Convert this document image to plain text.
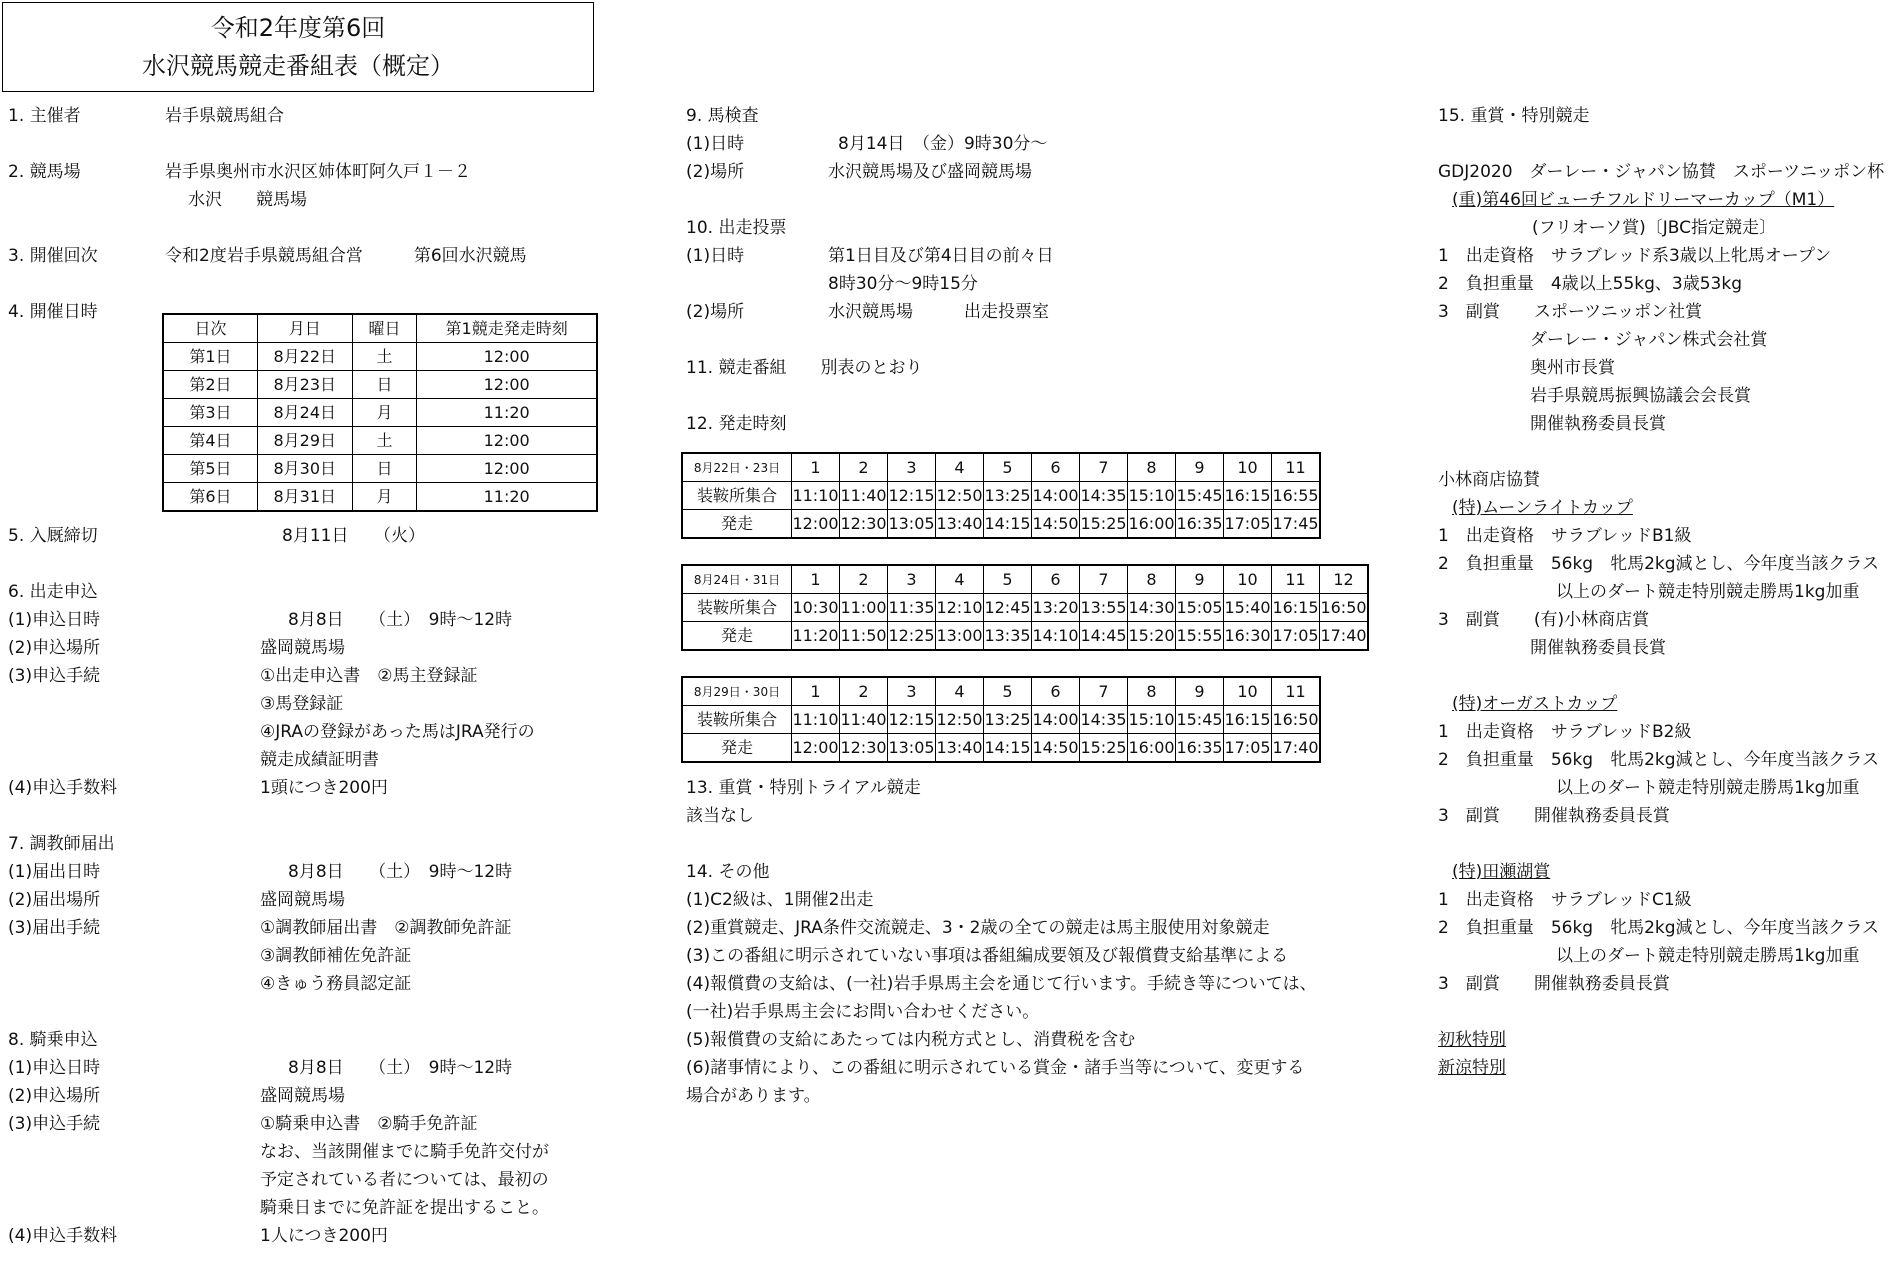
令和2年度第6回
水沢競馬競走番組表（概定）
1. 主催者	岩手県競馬組合
2. 競馬場	岩手県奥州市水沢区姉体町阿久戸１－２
水沢　　競馬場
3. 開催回次	令和2度岩手県競馬組合営　　　第6回水沢競馬
4. 開催日時
5. 入厩締切	8月11日　　（火）
6. 出走申込
(1)申込日時	8月8日　　（土）　9時～12時
(2)申込場所	盛岡競馬場
(3)申込手続	①出走申込書　②馬主登録証
③馬登録証
④JRAの登録があった馬はJRA発行の
競走成績証明書
(4)申込手数料	1頭につき200円
7. 調教師届出
(1)届出日時	8月8日　　（土）　9時～12時
(2)届出場所	盛岡競馬場
(3)届出手続	①調教師届出書　②調教師免許証
③調教師補佐免許証
④きゅう務員認定証
8. 騎乗申込
(1)申込日時	8月8日　　（土）　9時～12時
(2)申込場所	盛岡競馬場
(3)申込手続	①騎乗申込書　②騎手免許証
なお、当該開催までに騎手免許交付が
予定されている者については、最初の
騎乗日までに免許証を提出すること。
(4)申込手数料	1人につき200円
9. 馬検査
(1)日時	8月14日　（金）9時30分～
(2)場所	水沢競馬場及び盛岡競馬場
10. 出走投票
(1)日時	第1日目及び第4日目の前々日
8時30分～9時15分
(2)場所	水沢競馬場　　　出走投票室
11. 競走番組　　別表のとおり
12. 発走時刻
13. 重賞・特別トライアル競走
該当なし
14. その他
(1)C2級は、1開催2出走
(2)重賞競走、JRA条件交流競走、3・2歳の全ての競走は馬主服使用対象競走
(3)この番組に明示されていない事項は番組編成要領及び報償費支給基準による
(4)報償費の支給は、(一社)岩手県馬主会を通じて行います。手続き等については、
(一社)岩手県馬主会にお問い合わせください。
(5)報償費の支給にあたっては内税方式とし、消費税を含む
(6)諸事情により、この番組に明示されている賞金・諸手当等について、変更する
場合があります。
15. 重賞・特別競走
GDJ2020　ダーレー・ジャパン協賛　スポーツニッポン杯
(重)第46回ビューチフルドリーマーカップ（M1）
(フリオーソ賞)〔JBC指定競走〕
1　出走資格　サラブレッド系3歳以上牝馬オープン
2　負担重量　4歳以上55kg、3歳53kg
3　副賞　　スポーツニッポン社賞
ダーレー・ジャパン株式会社賞
奥州市長賞
岩手県競馬振興協議会会長賞
開催執務委員長賞
小林商店協賛
(特)ムーンライトカップ
1　出走資格　サラブレッドB1級
2　負担重量　56kg　牝馬2kg減とし、今年度当該クラス
以上のダート競走特別競走勝馬1kg加重
3　副賞　　(有)小林商店賞
開催執務委員長賞
(特)オーガストカップ
1　出走資格　サラブレッドB2級
2　負担重量　56kg　牝馬2kg減とし、今年度当該クラス
以上のダート競走特別競走勝馬1kg加重
3　副賞　　開催執務委員長賞
(特)田瀬湖賞
1　出走資格　サラブレッドC1級
2　負担重量　56kg　牝馬2kg減とし、今年度当該クラス
以上のダート競走特別競走勝馬1kg加重
3　副賞　　開催執務委員長賞
初秋特別
新涼特別
日次	月日	曜日	第1競走発走時刻
第1日	8月22日	土	12:00
第2日	8月23日	日	12:00
第3日	8月24日	月	11:20
第4日	8月29日	土	12:00
第5日	8月30日	日	12:00
第6日	8月31日	月	11:20
8月22日・23日	1	2	3	4	5	6	7	8	9	10	11
装鞍所集合	11:10	11:40	12:15	12:50	13:25	14:00	14:35	15:10	15:45	16:15	16:55
発走	12:00	12:30	13:05	13:40	14:15	14:50	15:25	16:00	16:35	17:05	17:45
8月24日・31日	1	2	3	4	5	6	7	8	9	10	11	12
装鞍所集合	10:30	11:00	11:35	12:10	12:45	13:20	13:55	14:30	15:05	15:40	16:15	16:50
発走	11:20	11:50	12:25	13:00	13:35	14:10	14:45	15:20	15:55	16:30	17:05	17:40
8月29日・30日	1	2	3	4	5	6	7	8	9	10	11
装鞍所集合	11:10	11:40	12:15	12:50	13:25	14:00	14:35	15:10	15:45	16:15	16:50
発走	12:00	12:30	13:05	13:40	14:15	14:50	15:25	16:00	16:35	17:05	17:40
